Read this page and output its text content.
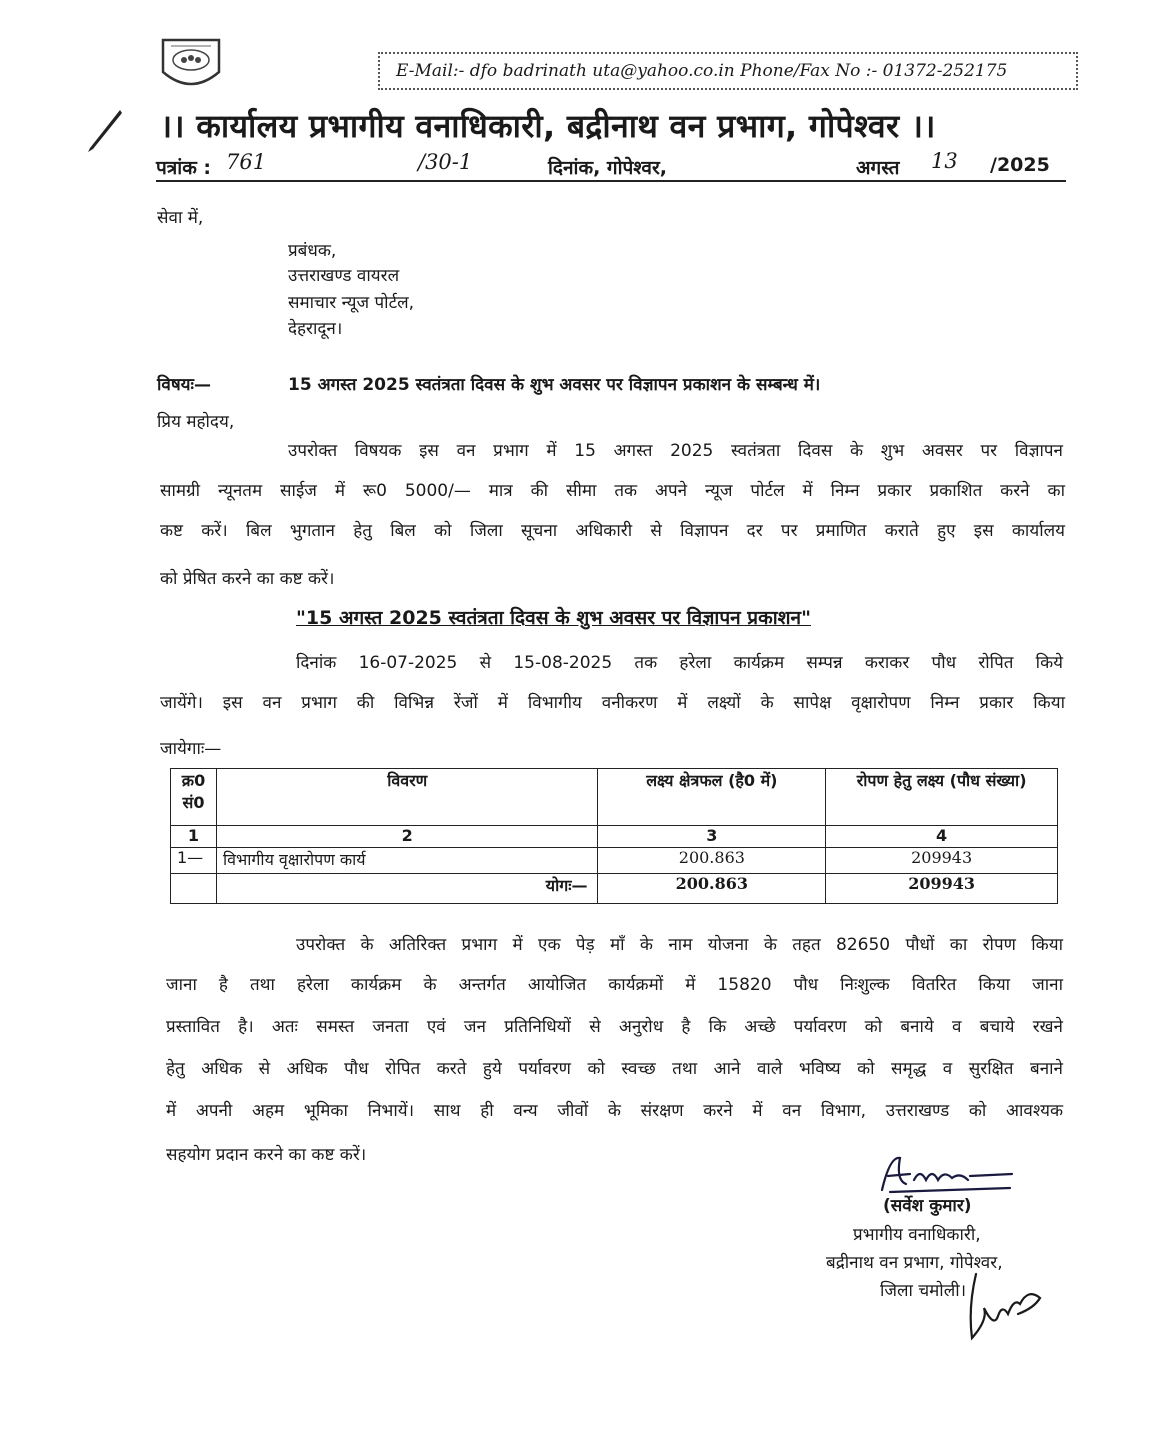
E-Mail:- dfo badrinath uta@yahoo.co.in Phone/Fax No :- 01372-252175
।। कार्यालय प्रभागीय वनाधिकारी, बद्रीनाथ वन प्रभाग, गोपेश्वर ।।
पत्रांक : 761	/30-1	दिनांक, गोपेश्वर,	अगस्त 13 /2025
सेवा में,
प्रबंधक,
उत्तराखण्ड वायरल
समाचार न्यूज पोर्टल,
देहरादून।
विषयः—	15 अगस्त 2025 स्वतंत्रता दिवस के शुभ अवसर पर विज्ञापन प्रकाशन के सम्बन्ध में।
प्रिय महोदय,
उपरोक्त विषयक इस वन प्रभाग में 15 अगस्त 2025 स्वतंत्रता दिवस के शुभ अवसर पर विज्ञापन
सामग्री न्यूनतम साईज में रू0 5000/— मात्र की सीमा तक अपने न्यूज पोर्टल में निम्न प्रकार प्रकाशित करने का
कष्ट करें। बिल भुगतान हेतु बिल को जिला सूचना अधिकारी से विज्ञापन दर पर प्रमाणित कराते हुए इस कार्यालय
को प्रेषित करने का कष्ट करें।
"15 अगस्त 2025 स्वतंत्रता दिवस के शुभ अवसर पर विज्ञापन प्रकाशन"
दिनांक 16-07-2025 से 15-08-2025 तक हरेला कार्यक्रम सम्पन्न कराकर पौध रोपित किये
जायेंगे। इस वन प्रभाग की विभिन्न रेंजों में विभागीय वनीकरण में लक्ष्यों के सापेक्ष वृक्षारोपण निम्न प्रकार किया
जायेगाः—
क्र0 सं0	विवरण	लक्ष्य क्षेत्रफल (है0 में)	रोपण हेतु लक्ष्य (पौध संख्या)
1	2	3	4
1—	विभागीय वृक्षारोपण कार्य	200.863	209943
	योगः—	200.863	209943
उपरोक्त के अतिरिक्त प्रभाग में एक पेड़ माँ के नाम योजना के तहत 82650 पौधों का रोपण किया
जाना है तथा हरेला कार्यक्रम के अन्तर्गत आयोजित कार्यक्रमों में 15820 पौध निःशुल्क वितरित किया जाना
प्रस्तावित है। अतः समस्त जनता एवं जन प्रतिनिधियों से अनुरोध है कि अच्छे पर्यावरण को बनाये व बचाये रखने
हेतु अधिक से अधिक पौध रोपित करते हुये पर्यावरण को स्वच्छ तथा आने वाले भविष्य को समृद्ध व सुरक्षित बनाने
में अपनी अहम भूमिका निभायें। साथ ही वन्य जीवों के संरक्षण करने में वन विभाग, उत्तराखण्ड को आवश्यक
सहयोग प्रदान करने का कष्ट करें।
(सर्वेश कुमार)
प्रभागीय वनाधिकारी,
बद्रीनाथ वन प्रभाग, गोपेश्वर,
जिला चमोली।
